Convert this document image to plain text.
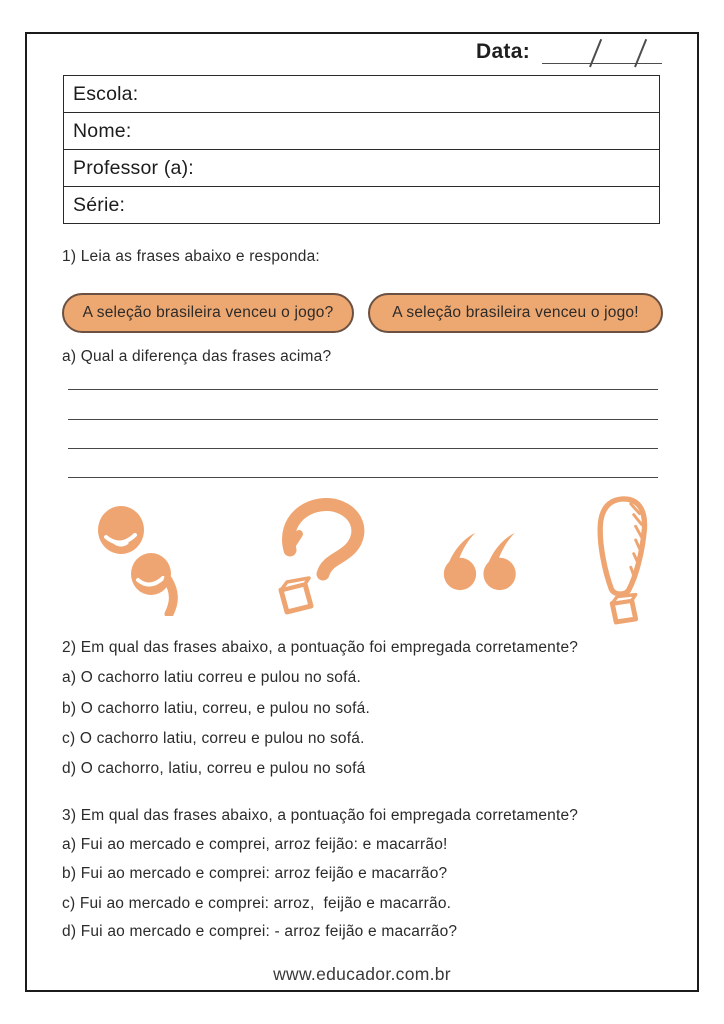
Data:
Escola:
Nome:
Professor (a):
Série:
1) Leia as frases abaixo e responda:
A seleção brasileira venceu o jogo?	A seleção brasileira venceu o jogo!
a) Qual a diferença das frases acima?
2) Em qual das frases abaixo, a pontuação foi empregada corretamente?
a) O cachorro latiu correu e pulou no sofá.
b) O cachorro latiu, correu, e pulou no sofá.
c) O cachorro latiu, correu e pulou no sofá.
d) O cachorro, latiu, correu e pulou no sofá
3) Em qual das frases abaixo, a pontuação foi empregada corretamente?
a) Fui ao mercado e comprei, arroz feijão: e macarrão!
b) Fui ao mercado e comprei: arroz feijão e macarrão?
c) Fui ao mercado e comprei: arroz,  feijão e macarrão.
d) Fui ao mercado e comprei: - arroz feijão e macarrão?
www.educador.com.br
